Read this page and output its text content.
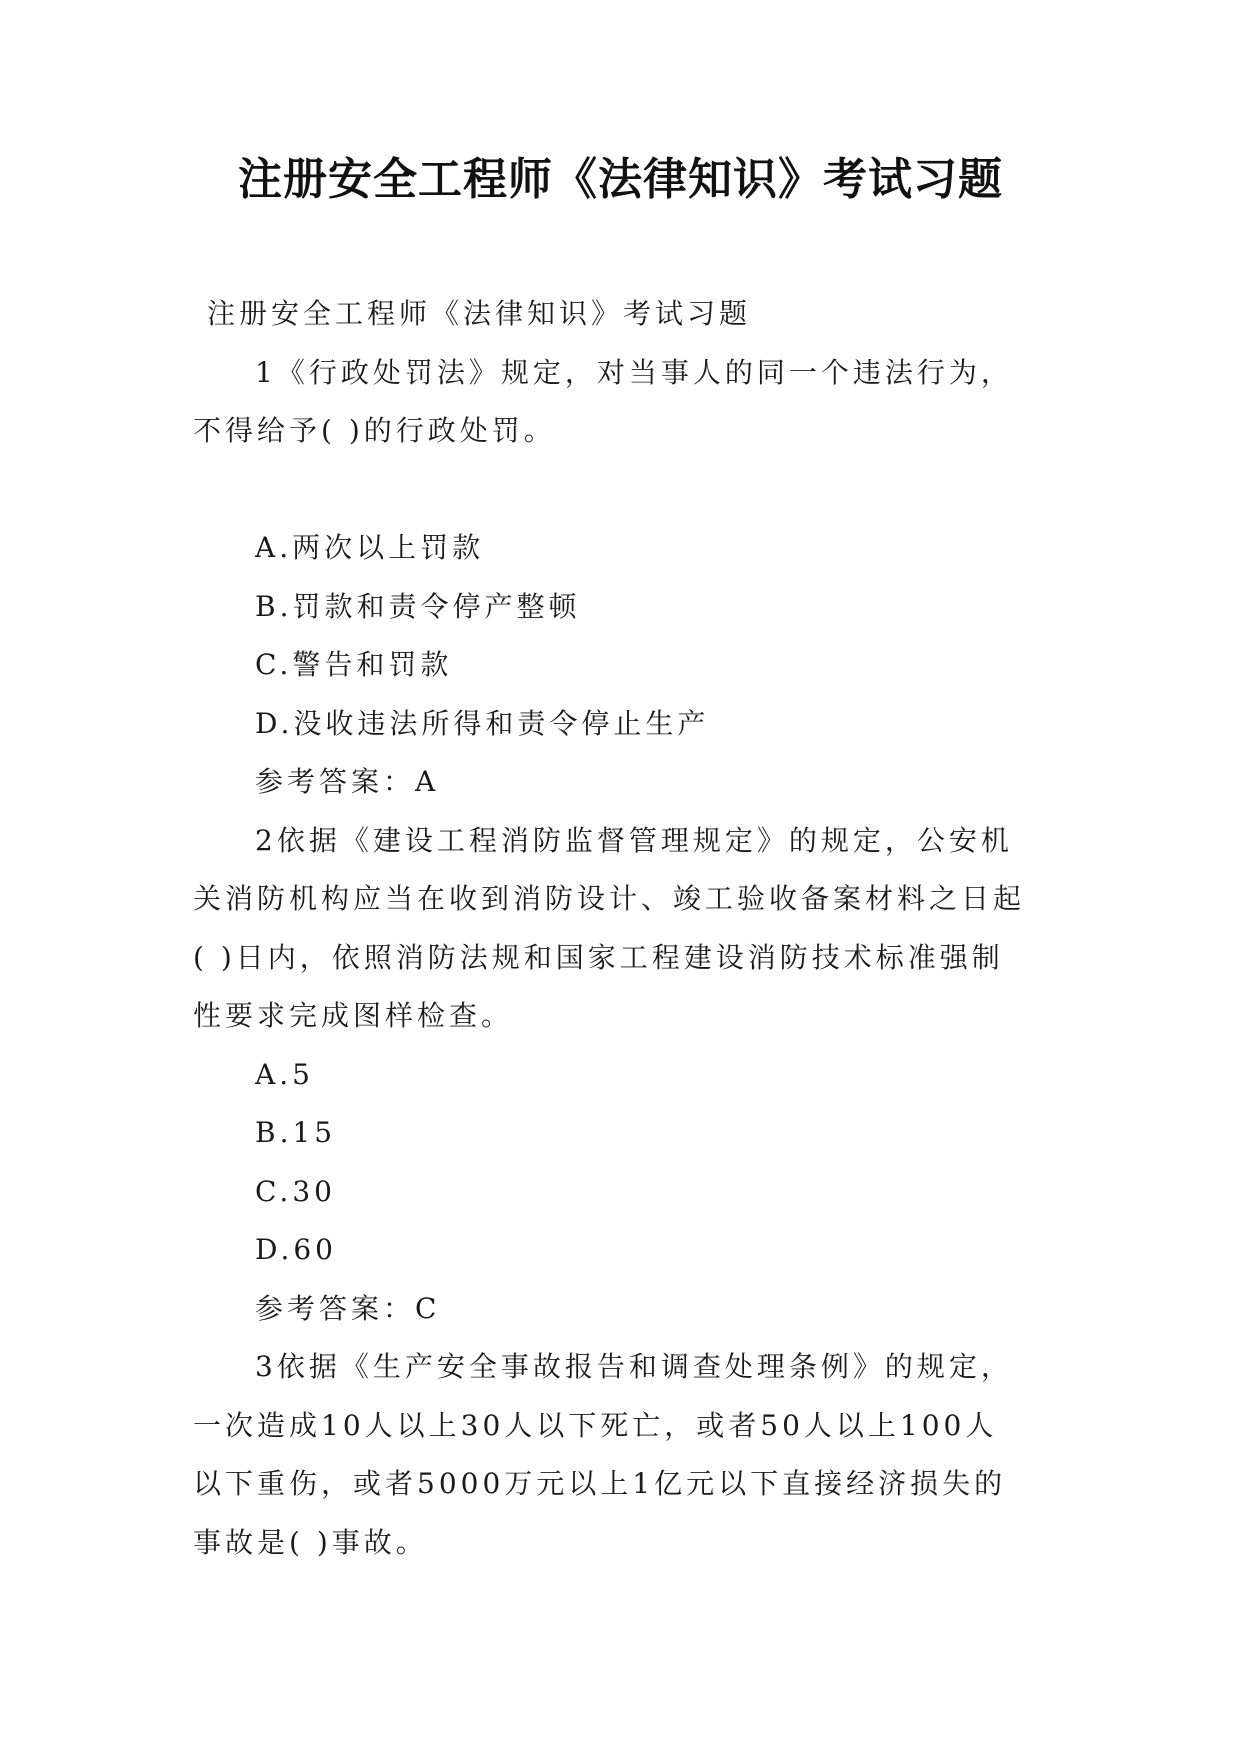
注册安全工程师《法律知识》考试习题
注册安全工程师《法律知识》考试习题
1《行政处罚法》规定，对当事人的同一个违法行为，
不得给予( )的行政处罚。
A.两次以上罚款
B.罚款和责令停产整顿
C.警告和罚款
D.没收违法所得和责令停止生产
参考答案：A
2依据《建设工程消防监督管理规定》的规定，公安机
关消防机构应当在收到消防设计、竣工验收备案材料之日起
( )日内，依照消防法规和国家工程建设消防技术标准强制
性要求完成图样检查。
A.5
B.15
C.30
D.60
参考答案：C
3依据《生产安全事故报告和调查处理条例》的规定，
一次造成10人以上30人以下死亡，或者50人以上100人
以下重伤，或者5000万元以上1亿元以下直接经济损失的
事故是( )事故。
